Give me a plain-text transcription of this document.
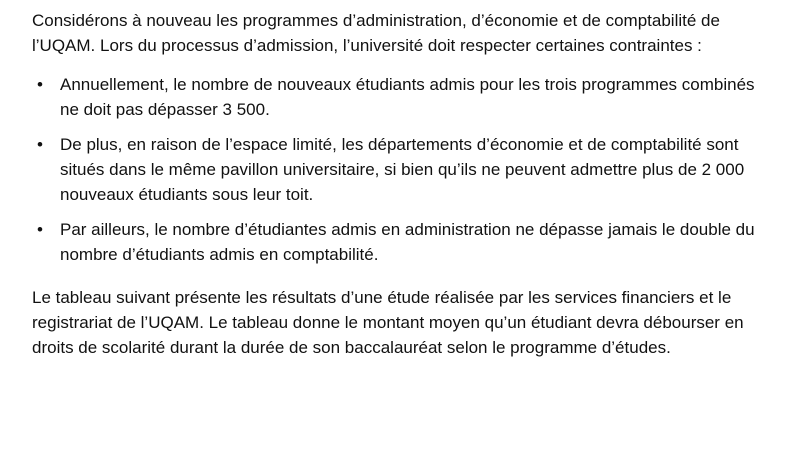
Considérons à nouveau les programmes d’administration, d’économie et de comptabilité de l’UQAM. Lors du processus d’admission, l’université doit respecter certaines contraintes :

• Annuellement, le nombre de nouveaux étudiants admis pour les trois programmes combinés ne doit pas dépasser 3 500.
• De plus, en raison de l’espace limité, les départements d’économie et de comptabilité sont situés dans le même pavillon universitaire, si bien qu’ils ne peuvent admettre plus de 2 000 nouveaux étudiants sous leur toit.
• Par ailleurs, le nombre d’étudiantes admis en administration ne dépasse jamais le double du nombre d’étudiants admis en comptabilité.

Le tableau suivant présente les résultats d’une étude réalisée par les services financiers et le registrariat de l’UQAM. Le tableau donne le montant moyen qu’un étudiant devra débourser en droits de scolarité durant la durée de son baccalauréat selon le programme d’études.
